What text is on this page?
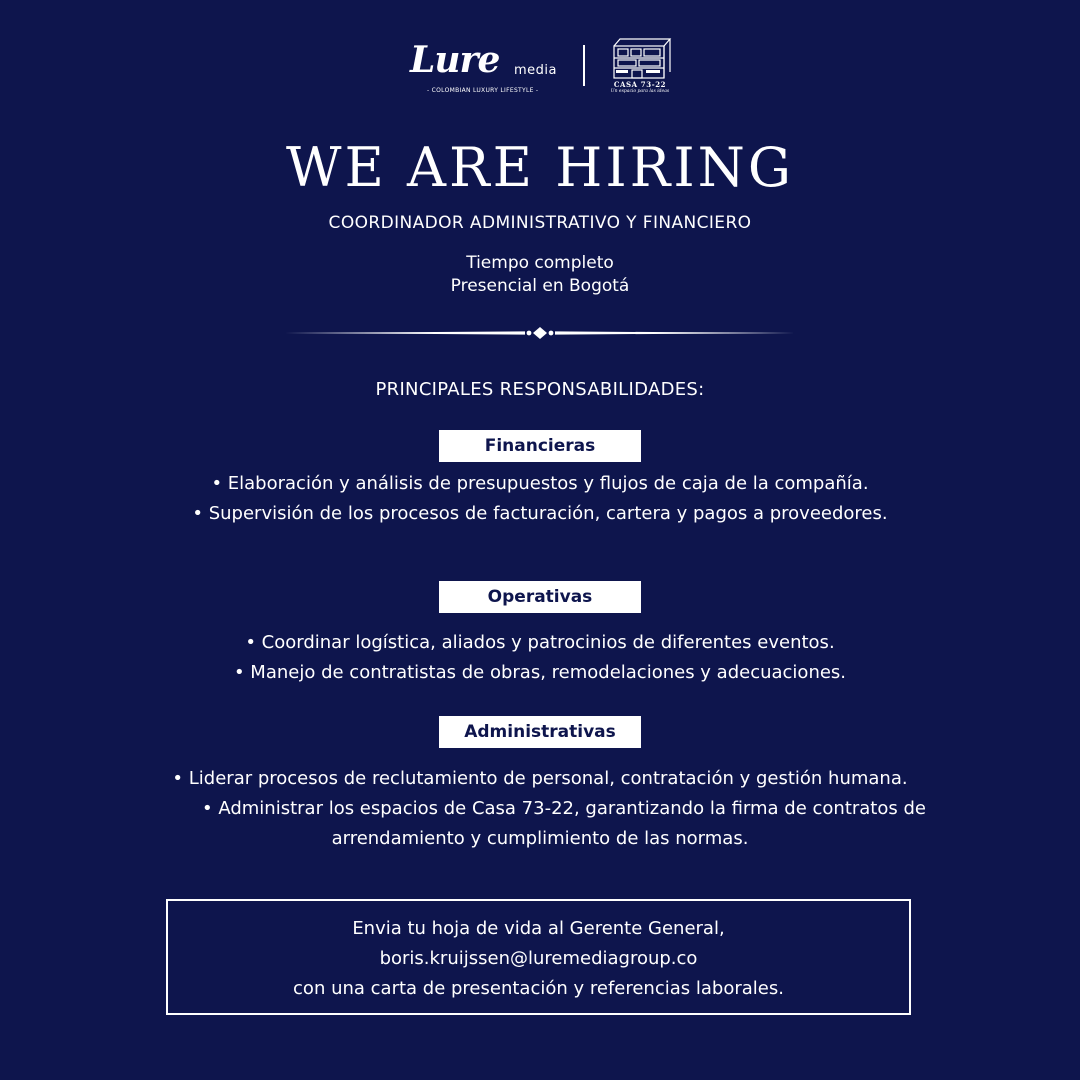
Lure media
- COLOMBIAN LUXURY LIFESTYLE -
CASA 73-22
Un espacio para las ideas
WE ARE HIRING
COORDINADOR ADMINISTRATIVO Y FINANCIERO
Tiempo completo
Presencial en Bogotá
PRINCIPALES RESPONSABILIDADES:
Financieras
• Elaboración y análisis de presupuestos y flujos de caja de la compañía.
• Supervisión de los procesos de facturación, cartera y pagos a proveedores.
Operativas
• Coordinar logística, aliados y patrocinios de diferentes eventos.
• Manejo de contratistas de obras, remodelaciones y adecuaciones.
Administrativas
• Liderar procesos de reclutamiento de personal, contratación y gestión humana.
• Administrar los espacios de Casa 73-22, garantizando la firma de contratos de
arrendamiento y cumplimiento de las normas.
Envia tu hoja de vida al Gerente General,
boris.kruijssen@luremediagroup.co
con una carta de presentación y referencias laborales.
